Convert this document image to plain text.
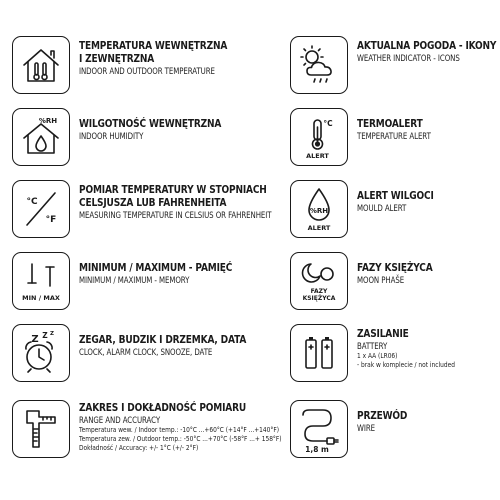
TEMPERATURA WEWNĘTRZNA
I ZEWNĘTRZNA
INDOOR AND OUTDOOR TEMPERATURE
AKTUALNA POGODA - IKONY
WEATHER INDICATOR - ICONS
%RH WILGOTNOŚĆ WEWNĘTRZNA
INDOOR HUMIDITY
°C
ALERT
TERMOALERT
TEMPERATURE ALERT
°C
°F
POMIAR TEMPERATURY W STOPNIACH
CELSJUSZA LUB FAHRENHEITA
MEASURING TEMPERATURE IN CELSIUS OR FAHRENHEIT	%RH
ALERT
ALERT WILGOCI
MOULD ALERT
MIN / MAX
MINIMUM / MAXIMUM - PAMIĘĆ
MINIMUM / MAXIMUM - MEMORY
FAZY
KSIĘŻYCA
FAZY KSIĘŻYCA
MOON PHAŠE
Z Z Z ZEGAR, BUDZIK I DRZEMKA, DATA
CLOCK, ALARM CLOCK, SNOOZE, DATE
ZASILANIE
BATTERY
1 x AA (LR06)
- brak w komplecie / not included
ZAKRES I DOKŁADNOŚĆ POMIARU
RANGE AND ACCURACY
Temperatura wew. / Indoor temp.: -10°C ...+60°C (+14°F ...+140°F)
Temperatura zew. / Outdoor temp.: -50°C ...+70°C (-58°F ...+ 158°F)
Dokładność / Accuracy: +/- 1°C (+/- 2°F)	1,8 m
PRZEWÓD
WIRE
